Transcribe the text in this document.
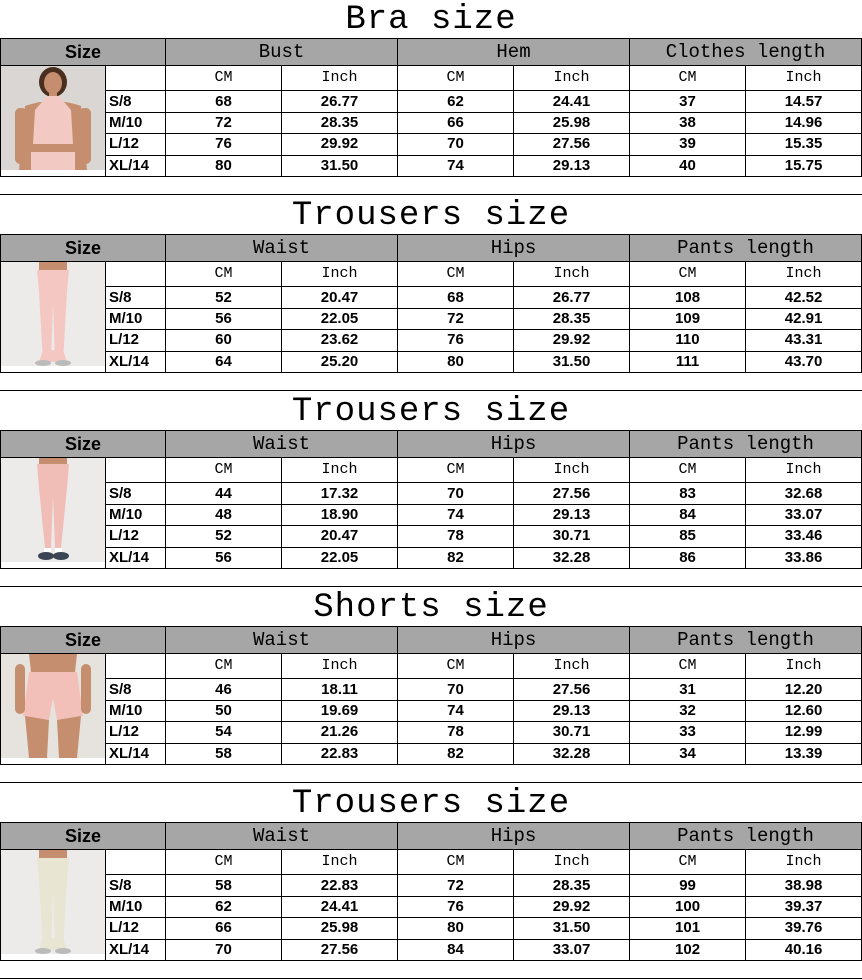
Bra size
Size		Bust		Hem		Clothes length	

		CM	Inch	CM	Inch	CM	Inch
	S/8	68	26.77	62	24.41	37	14.57
	M/10	72	28.35	66	25.98	38	14.96
	L/12	76	29.92	70	27.56	39	15.35
	XL/14	80	31.50	74	29.13	40	15.75
Trousers size
Size		Waist		Hips		Pants length	

		CM	Inch	CM	Inch	CM	Inch
	S/8	52	20.47	68	26.77	108	42.52
	M/10	56	22.05	72	28.35	109	42.91
	L/12	60	23.62	76	29.92	110	43.31
	XL/14	64	25.20	80	31.50	111	43.70
Trousers size
Size		Waist		Hips		Pants length	

		CM	Inch	CM	Inch	CM	Inch
	S/8	44	17.32	70	27.56	83	32.68
	M/10	48	18.90	74	29.13	84	33.07
	L/12	52	20.47	78	30.71	85	33.46
	XL/14	56	22.05	82	32.28	86	33.86
Shorts size
Size		Waist		Hips		Pants length	

		CM	Inch	CM	Inch	CM	Inch
	S/8	46	18.11	70	27.56	31	12.20
	M/10	50	19.69	74	29.13	32	12.60
	L/12	54	21.26	78	30.71	33	12.99
	XL/14	58	22.83	82	32.28	34	13.39
Trousers size
Size		Waist		Hips		Pants length	

		CM	Inch	CM	Inch	CM	Inch
	S/8	58	22.83	72	28.35	99	38.98
	M/10	62	24.41	76	29.92	100	39.37
	L/12	66	25.98	80	31.50	101	39.76
	XL/14	70	27.56	84	33.07	102	40.16
